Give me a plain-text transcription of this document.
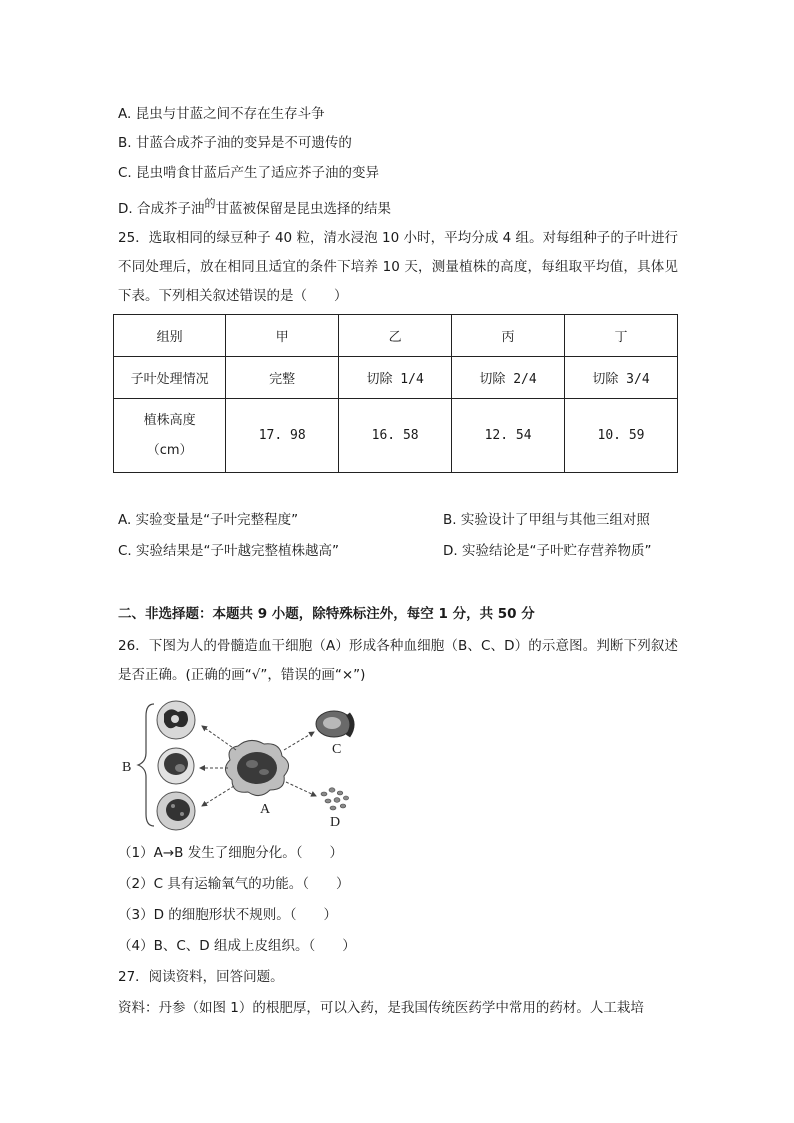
A. 昆虫与甘蓝之间不存在生存斗争
B. 甘蓝合成芥子油的变异是不可遗传的
C. 昆虫啃食甘蓝后产生了适应芥子油的变异
D. 合成芥子油$^的$甘蓝被保留是昆虫选择的结果
25．选取相同的绿豆种子 40 粒，清水浸泡 10 小时，平均分成 4 组。对每组种子的子叶进行不同处理后，放在相同且适宜的条件下培养 10 天，测量植株的高度，每组取平均值，具体见下表。下列相关叙述错误的是（　　）
组别	甲	乙	丙	丁
子叶处理情况	完整	切除 1/4	切除 2/4	切除 3/4

植株高度
（cm）	17. 98	16. 58	12. 54	10. 59
A. 实验变量是“子叶完整程度”	B. 实验设计了甲组与其他三组对照
C. 实验结果是“子叶越完整植株越高”	D. 实验结论是“子叶贮存营养物质”
二、非选择题：本题共 9 小题，除特殊标注外，每空 1 分，共 50 分
26．下图为人的骨髓造血干细胞（A）形成各种血细胞（B、C、D）的示意图。判断下列叙述是否正确。(正确的画“√”，错误的画“×”)
B
A
C
D
（1）A→B 发生了细胞分化。（　　）
（2）C 具有运输氧气的功能。（　　）
（3）D 的细胞形状不规则。（　　）
（4）B、C、D 组成上皮组织。（　　）
27．阅读资料，回答问题。
资料：丹参（如图 1）的根肥厚，可以入药，是我国传统医药学中常用的药材。人工栽培
